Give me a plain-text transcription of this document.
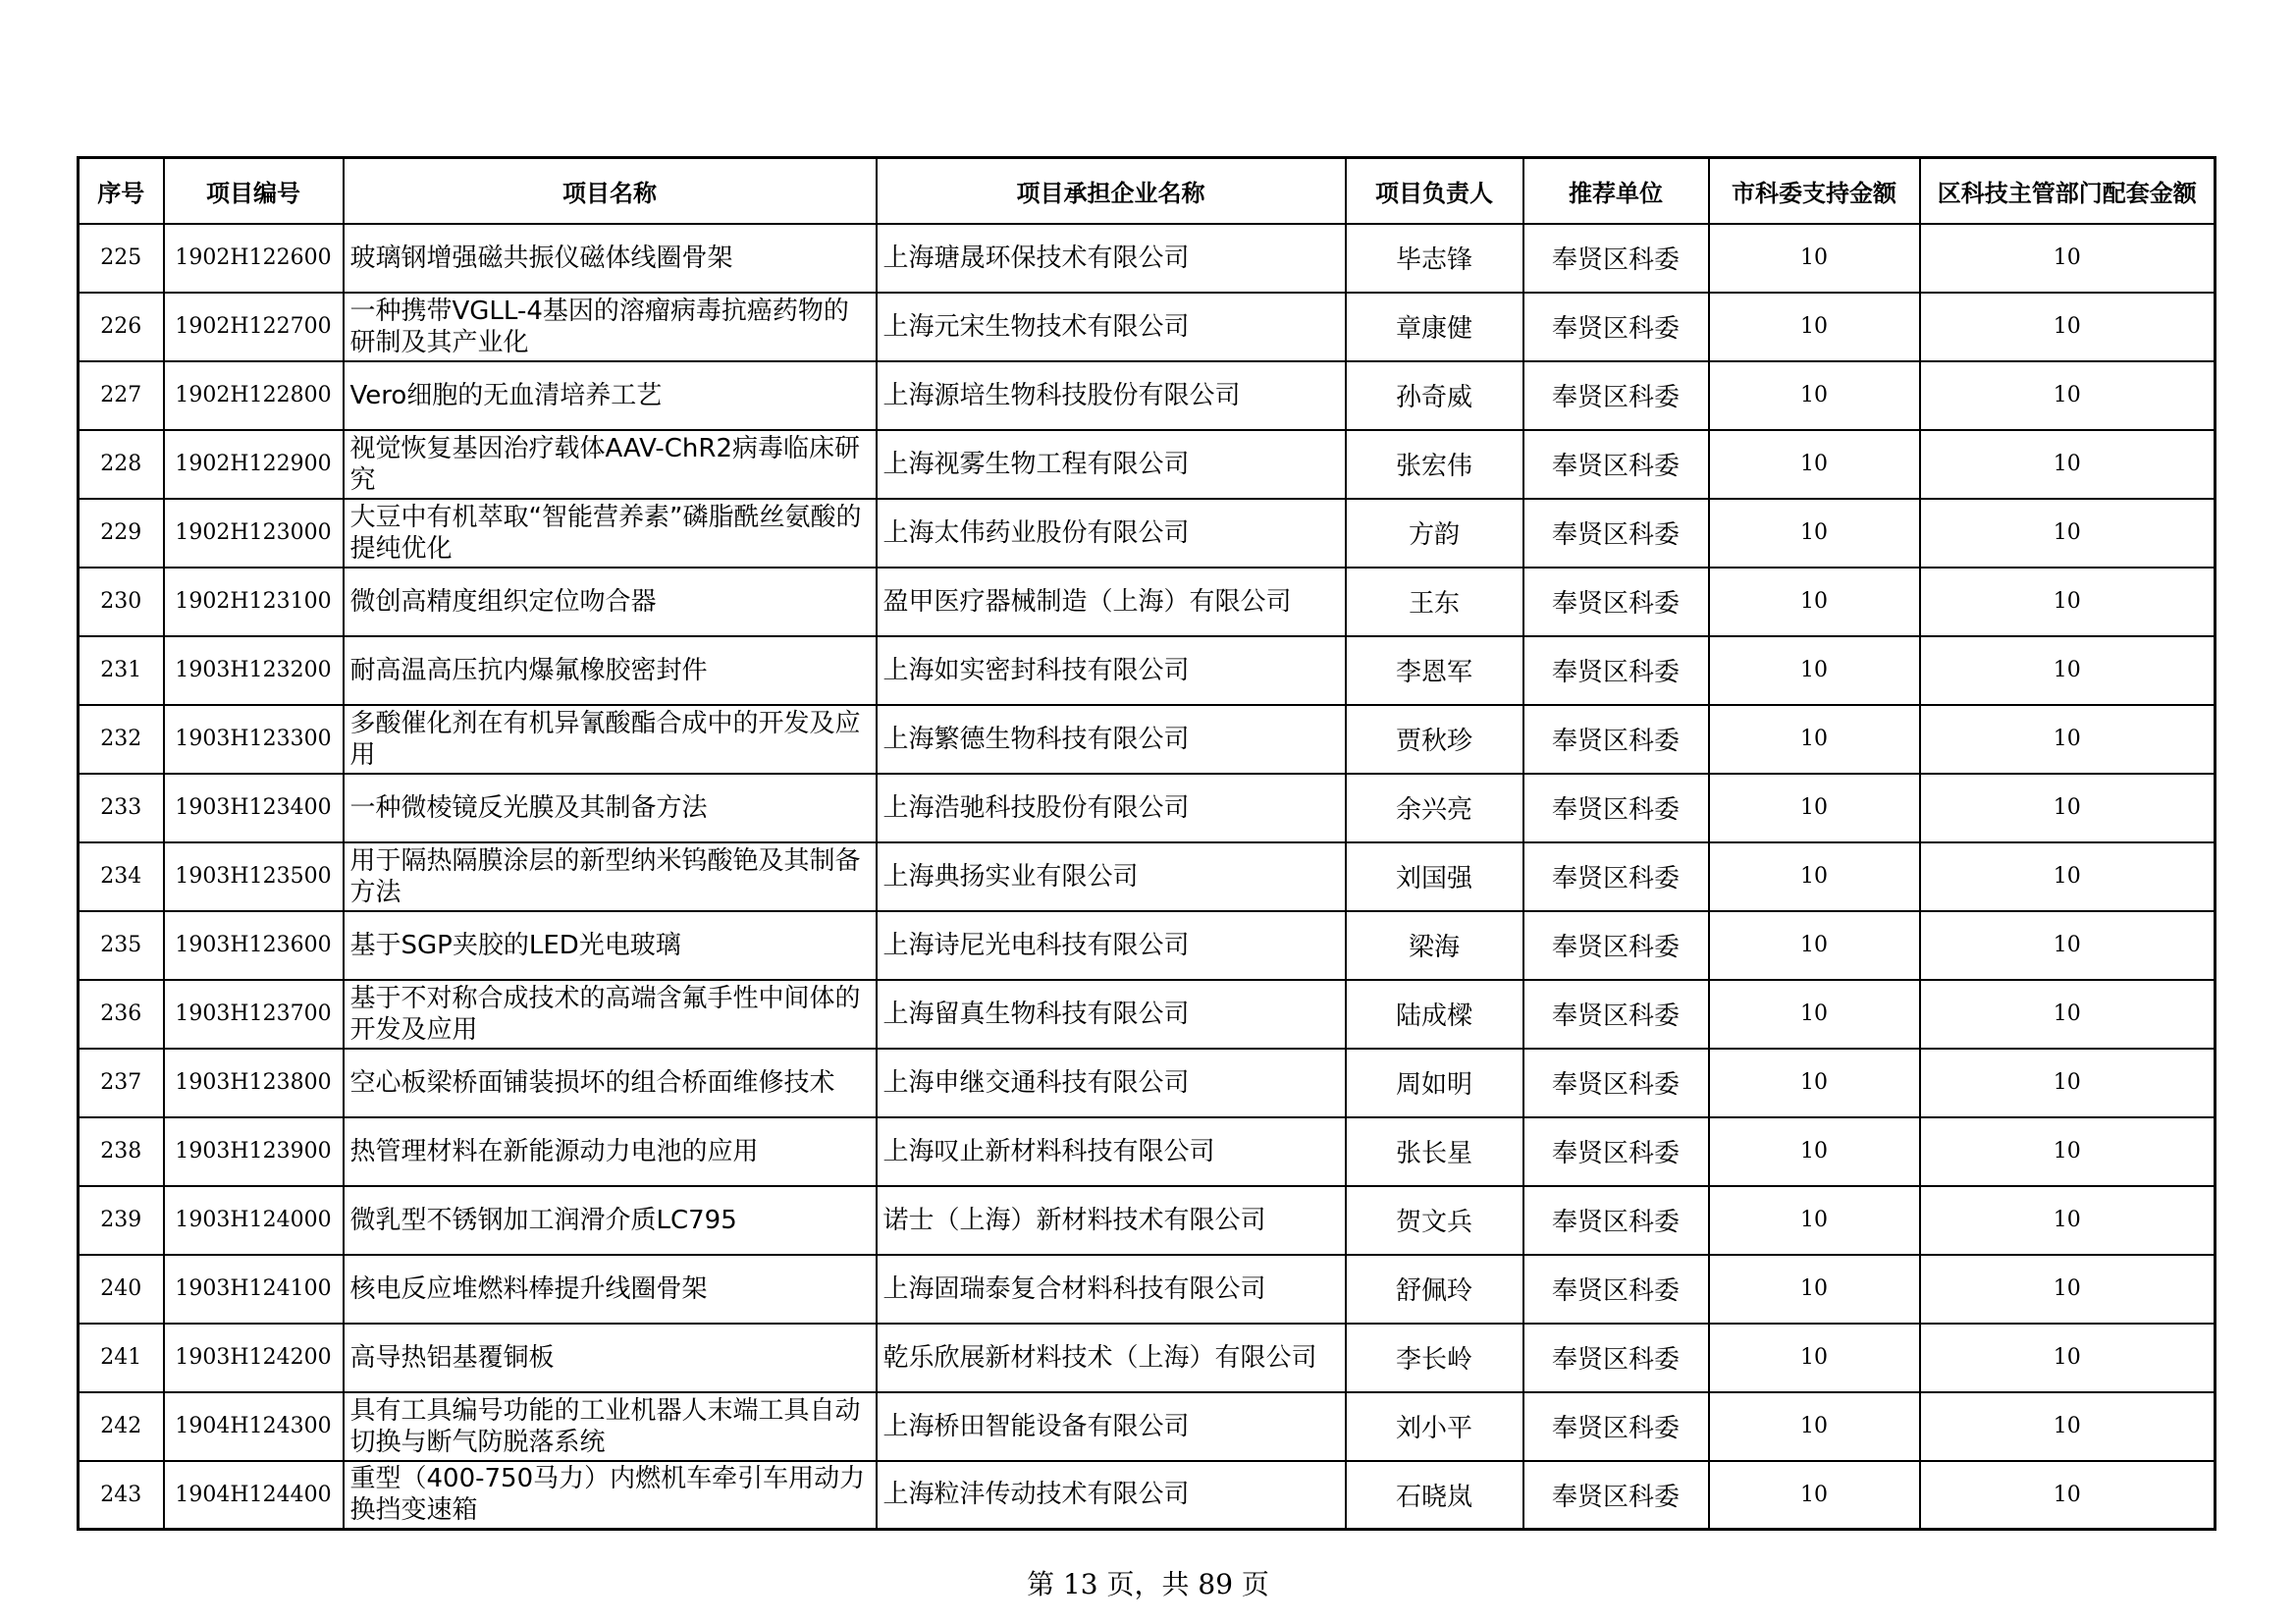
序号	项目编号	项目名称	项目承担企业名称	项目负责人	推荐单位	市科委支持金额	区科技主管部门配套金额
225	1902H122600	玻璃钢增强磁共振仪磁体线圈骨架	上海瑭晟环保技术有限公司	毕志锋	奉贤区科委	10	10
226	1902H122700	一种携带VGLL-4基因的溶瘤病毒抗癌药物的研制及其产业化	上海元宋生物技术有限公司	章康健	奉贤区科委	10	10
227	1902H122800	Vero细胞的无血清培养工艺	上海源培生物科技股份有限公司	孙奇威	奉贤区科委	10	10
228	1902H122900	视觉恢复基因治疗载体AAV-ChR2病毒临床研究	上海视雾生物工程有限公司	张宏伟	奉贤区科委	10	10
229	1902H123000	大豆中有机萃取“智能营养素”磷脂酰丝氨酸的提纯优化	上海太伟药业股份有限公司	方韵	奉贤区科委	10	10
230	1902H123100	微创高精度组织定位吻合器	盈甲医疗器械制造（上海）有限公司	王东	奉贤区科委	10	10
231	1903H123200	耐高温高压抗内爆氟橡胶密封件	上海如实密封科技有限公司	李恩军	奉贤区科委	10	10
232	1903H123300	多酸催化剂在有机异氰酸酯合成中的开发及应用	上海繁德生物科技有限公司	贾秋珍	奉贤区科委	10	10
233	1903H123400	一种微棱镜反光膜及其制备方法	上海浩驰科技股份有限公司	余兴亮	奉贤区科委	10	10
234	1903H123500	用于隔热隔膜涂层的新型纳米钨酸铯及其制备方法	上海典扬实业有限公司	刘国强	奉贤区科委	10	10
235	1903H123600	基于SGP夹胶的LED光电玻璃	上海诗尼光电科技有限公司	梁海	奉贤区科委	10	10
236	1903H123700	基于不对称合成技术的高端含氟手性中间体的开发及应用	上海留真生物科技有限公司	陆成樑	奉贤区科委	10	10
237	1903H123800	空心板梁桥面铺装损坏的组合桥面维修技术	上海申继交通科技有限公司	周如明	奉贤区科委	10	10
238	1903H123900	热管理材料在新能源动力电池的应用	上海叹止新材料科技有限公司	张长星	奉贤区科委	10	10
239	1903H124000	微乳型不锈钢加工润滑介质LC795	诺士（上海）新材料技术有限公司	贺文兵	奉贤区科委	10	10
240	1903H124100	核电反应堆燃料棒提升线圈骨架	上海固瑞泰复合材料科技有限公司	舒佩玲	奉贤区科委	10	10
241	1903H124200	高导热铝基覆铜板	乾乐欣展新材料技术（上海）有限公司	李长岭	奉贤区科委	10	10
242	1904H124300	具有工具编号功能的工业机器人末端工具自动切换与断气防脱落系统	上海桥田智能设备有限公司	刘小平	奉贤区科委	10	10
243	1904H124400	重型（400-750马力）内燃机车牵引车用动力换挡变速箱	上海粒沣传动技术有限公司	石晓岚	奉贤区科委	10	10
第 13 页，共 89 页
